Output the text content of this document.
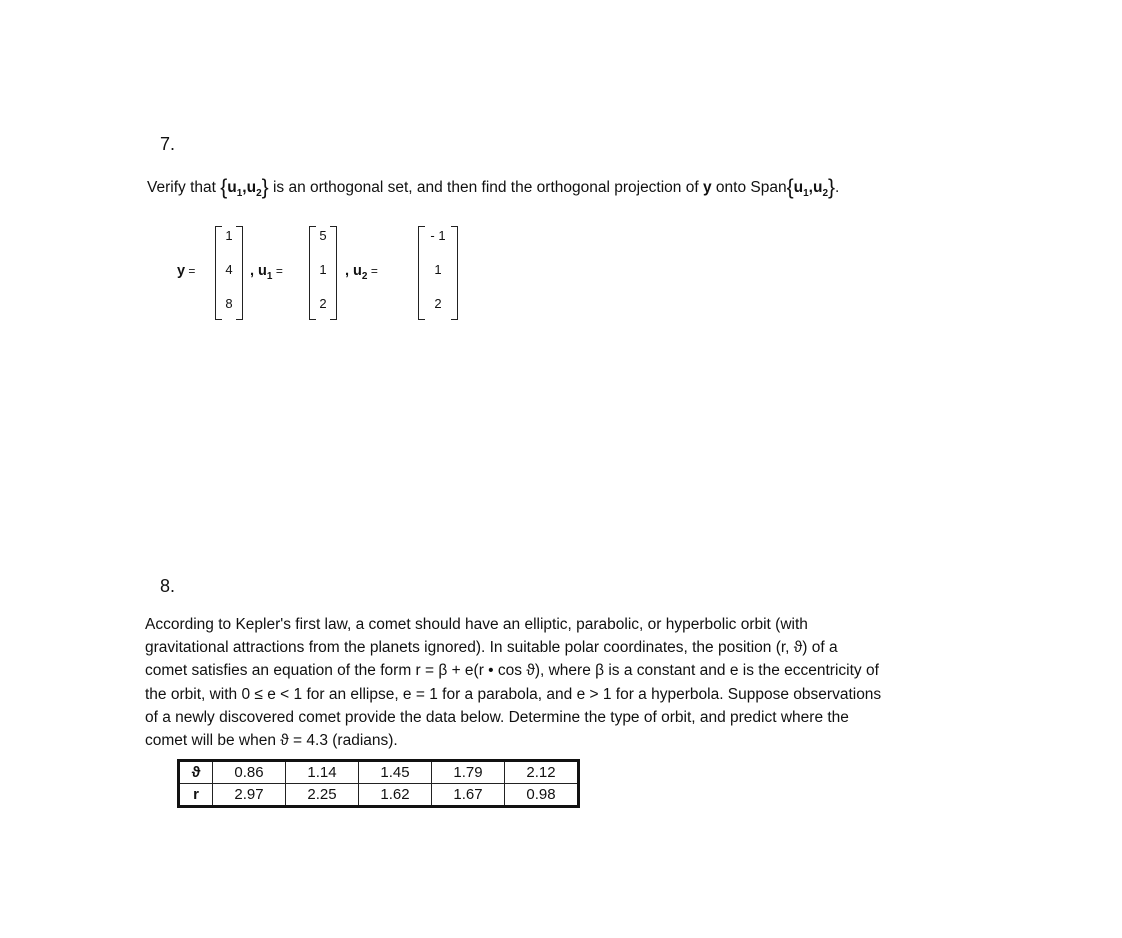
7.
Verify that $\{u_1,u_2\}$ is an orthogonal set, and then find the orthogonal projection of y onto $Span\{u_1,u_2\}$.
y =
1
4
8
, $u_1$ =
5
1
2
, $u_2$ =
- 1
1
2
8.

According to Kepler's first law, a comet should have an elliptic, parabolic, or hyperbolic orbit (with

gravitational attractions from the planets ignored). In suitable polar coordinates, the position (r, ϑ) of a

comet satisfies an equation of the form r = β + e(r • cos ϑ), where β is a constant and e is the eccentricity of

the orbit, with 0 ≤ e < 1 for an ellipse, e = 1 for a parabola, and e > 1 for a hyperbola. Suppose observations

of a newly discovered comet provide the data below. Determine the type of orbit, and predict where the

comet will be when ϑ = 4.3 (radians).

ϑ	0.86	1.14	1.45	1.79	2.12
r	2.97	2.25	1.62	1.67	0.98
